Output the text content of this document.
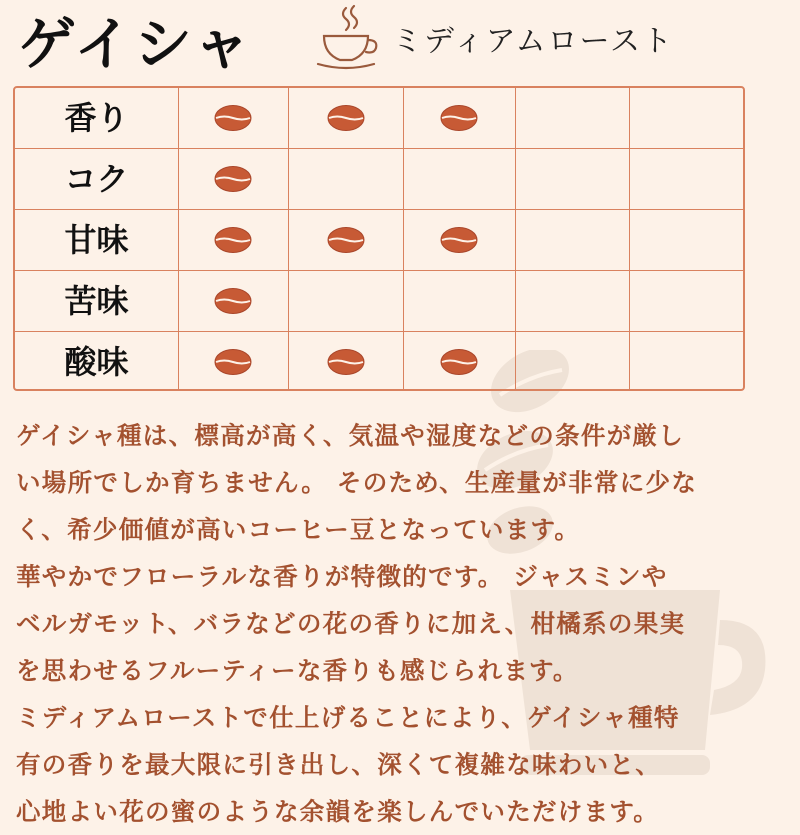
ゲイシャ	ミディアムロースト
香り
コク
甘味
苦味
酸味
ゲイシャ種は、標高が高く、気温や湿度などの条件が厳し
い場所でしか育ちません。 そのため、生産量が非常に少な
く、希少価値が高いコーヒー豆となっています。
華やかでフローラルな香りが特徴的です。 ジャスミンや
ベルガモット、バラなどの花の香りに加え、柑橘系の果実
を思わせるフルーティーな香りも感じられます。
ミディアムローストで仕上げることにより、ゲイシャ種特
有の香りを最大限に引き出し、深くて複雑な味わいと、
心地よい花の蜜のような余韻を楽しんでいただけます。
